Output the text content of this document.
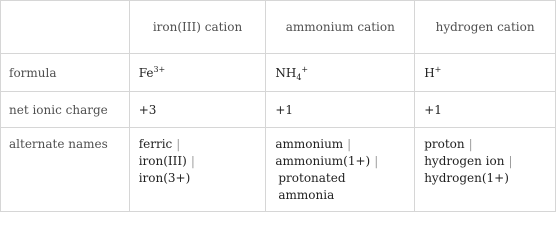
	iron(III) cation	ammonium cation	hydrogen cation
formula	$Fe^{3+}$	$NH_4^+$	H+
net ionic charge	+3	+1	+1
alternate names	ferric |
iron(III) |
iron(3+)	ammonium |
ammonium(1+) |
protonated ammonia	proton |
hydrogen ion |
hydrogen(1+)
